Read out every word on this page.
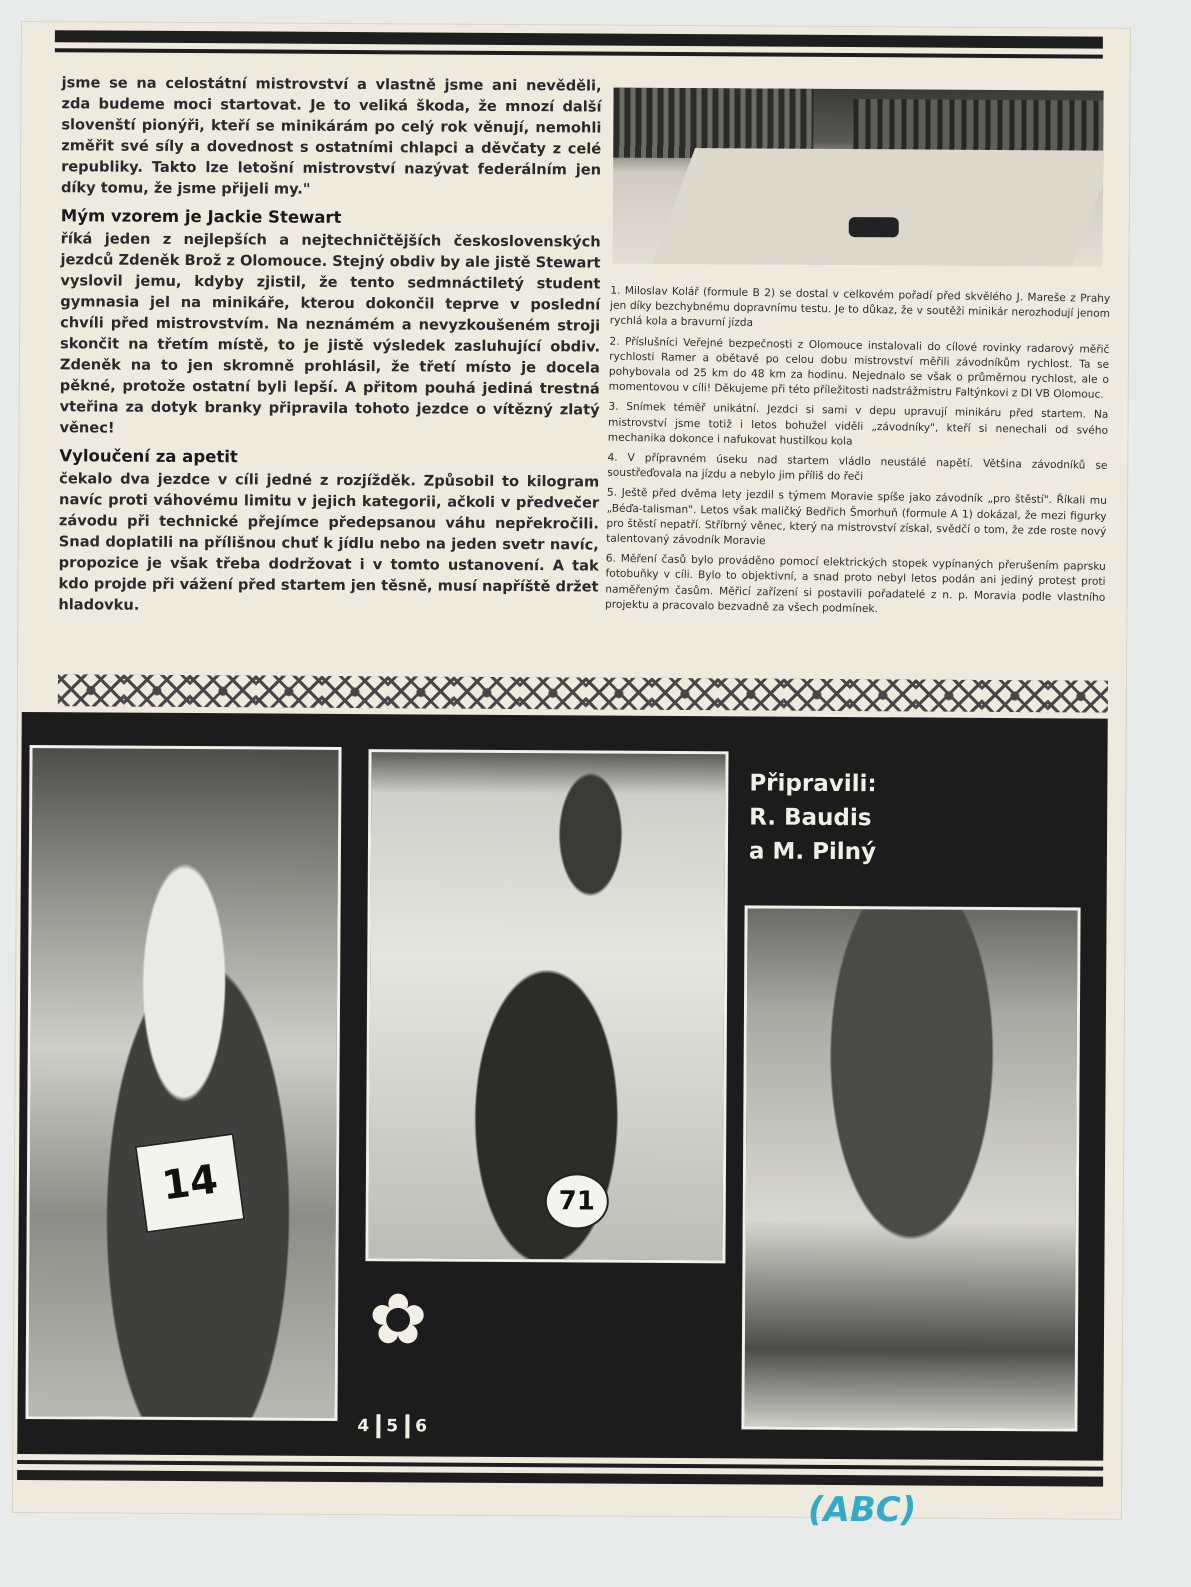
jsme se na celostátní mistrovství a vlastně jsme ani nevěděli, zda budeme moci startovat. Je to veliká škoda, že mnozí další slovenští pionýři, kteří se minikárám po celý rok věnují, nemohli změřit své síly a dovednost s ostatními chlapci a děvčaty z celé republiky. Takto lze letošní mistrovství nazývat federálním jen díky tomu, že jsme přijeli my."

Mým vzorem je Jackie Stewart

říká jeden z nejlepších a nejtechničtějších československých jezdců Zdeněk Brož z Olomouce. Stejný obdiv by ale jistě Stewart vyslovil jemu, kdyby zjistil, že tento sedmnáctiletý student gymnasia jel na minikáře, kterou dokončil teprve v poslední chvíli před mistrovstvím. Na neznámém a nevyzkoušeném stroji skončit na třetím místě, to je jistě výsledek zasluhující obdiv. Zdeněk na to jen skromně prohlásil, že třetí místo je docela pěkné, protože ostatní byli lepší. A přitom pouhá jediná trestná vteřina za dotyk branky připravila tohoto jezdce o vítězný zlatý věnec!

Vyloučení za apetit

čekalo dva jezdce v cíli jedné z rozjížděk. Způsobil to kilogram navíc proti váhovému limitu v jejich kategorii, ačkoli v předvečer závodu při technické přejímce předepsanou váhu nepřekročili. Snad doplatili na přílišnou chuť k jídlu nebo na jeden svetr navíc, propozice je však třeba dodržovat i v tomto ustanovení. A tak kdo projde při vážení před startem jen těsně, musí napříště držet hladovku.

1. Miloslav Kolář (formule B 2) se dostal v celkovém pořadí před skvělého J. Mareše z Prahy jen díky bezchybnému dopravnímu testu. Je to důkaz, že v soutěži minikár nerozhodují jenom rychlá kola a bravurní jízda

2. Příslušníci Veřejné bezpečnosti z Olomouce instalovali do cílové rovinky radarový měřič rychlosti Ramer a obětavě po celou dobu mistrovství měřili závodníkům rychlost. Ta se pohybovala od 25 km do 48 km za hodinu. Nejednalo se však o průměrnou rychlost, ale o momentovou v cíli! Děkujeme při této příležitosti nadstrážmistru Faltýnkovi z DI VB Olomouc.

3. Snímek téměř unikátní. Jezdci si sami v depu upravují minikáru před startem. Na mistrovství jsme totiž i letos bohužel viděli „závodníky", kteří si nenechali od svého mechanika dokonce i nafukovat hustilkou kola

4. V přípravném úseku nad startem vládlo neustálé napětí. Většina závodníků se soustřeďovala na jízdu a nebylo jim příliš do řeči

5. Ještě před dvěma lety jezdil s týmem Moravie spíše jako závodník „pro štěstí". Říkali mu „Béďa-talisman". Letos však maličký Bedřich Šmorhuň (formule A 1) dokázal, že mezi figurky pro štěstí nepatří. Stříbrný věnec, který na mistrovství získal, svědčí o tom, že zde roste nový talentovaný závodník Moravie

6. Měření časů bylo prováděno pomocí elektrických stopek vypínaných přerušením paprsku fotobuňky v cíli. Bylo to objektivní, a snad proto nebyl letos podán ani jediný protest proti naměřeným časům. Měřicí zařízení si postavili pořadatelé z n. p. Moravia podle vlastního projektu a pracovalo bezvadně za všech podmínek.

14	71
Připravili:
R. Baudis
a M. Pilný
✿
4 5 6
(ABC)
